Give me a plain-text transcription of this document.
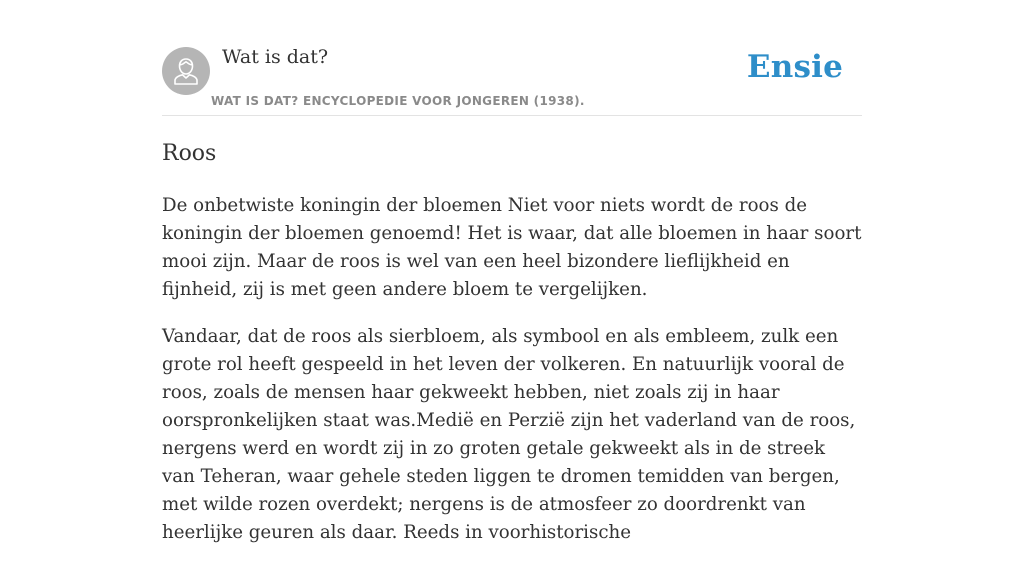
Wat is dat?
WAT IS DAT? ENCYCLOPEDIE VOOR JONGEREN (1938).
Ensie
Roos

De onbetwiste koningin der bloemen Niet voor niets wordt de roos de koningin der bloemen genoemd! Het is waar, dat alle bloemen in haar soort mooi zijn. Maar de roos is wel van een heel bizondere lieflijkheid en fijnheid, zij is met geen andere bloem te vergelijken.

Vandaar, dat de roos als sierbloem, als symbool en als embleem, zulk een grote rol heeft gespeeld in het leven der volkeren. En natuurlijk vooral de roos, zoals de mensen haar gekweekt hebben, niet zoals zij in haar oorspronkelijken staat was.Medië en Perzië zijn het vaderland van de roos, nergens werd en wordt zij in zo groten getale gekweekt als in de streek van Teheran, waar gehele steden liggen te dromen temidden van bergen, met wilde rozen overdekt; nergens is de atmosfeer zo doordrenkt van heerlijke geuren als daar. Reeds in voorhistorische
